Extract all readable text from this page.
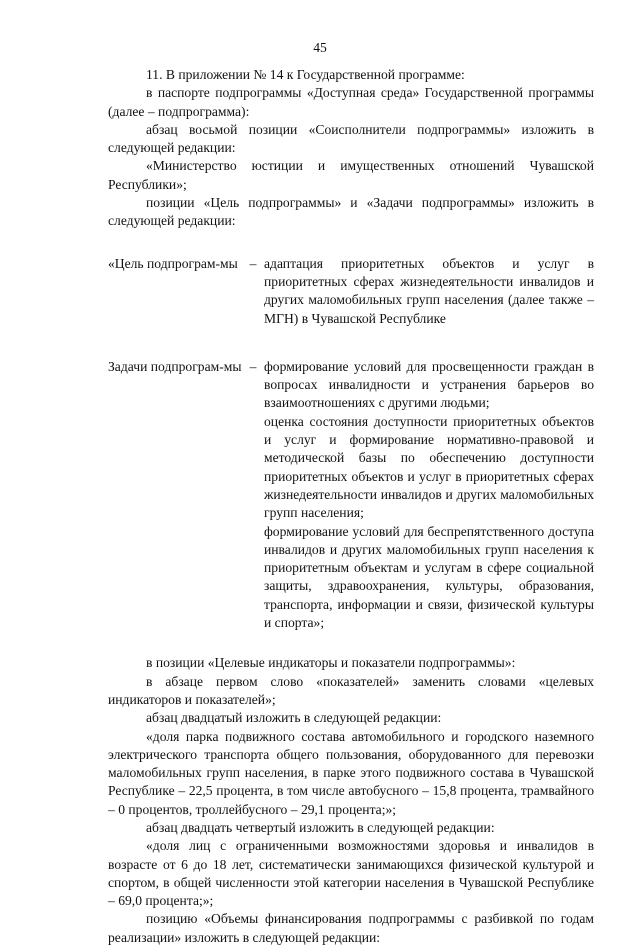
45

11. В приложении № 14 к Государственной программе:

в паспорте подпрограммы «Доступная среда» Государственной программы (далее – подпрограмма):

абзац восьмой позиции «Соисполнители подпрограммы» изложить в следующей редакции:

«Министерство юстиции и имущественных отношений Чувашской Республики»;

позиции «Цель подпрограммы» и «Задачи подпрограммы» изложить в следующей редакции:

«Цель подпрограм-мы – адаптация приоритетных объектов и услуг в приоритетных сферах жизнедеятельности инвалидов и других маломобильных групп населения (далее также – МГН) в Чувашской Республике

Задачи подпрограм-мы – формирование условий для просвещенности граждан в вопросах инвалидности и устранения барьеров во взаимоотношениях с другими людьми;

оценка состояния доступности приоритетных объектов и услуг и формирование нормативно-правовой и методической базы по обеспечению доступности приоритетных объектов и услуг в приоритетных сферах жизнедеятельности инвалидов и других маломобильных групп населения;

формирование условий для беспрепятственного доступа инвалидов и других маломобильных групп населения к приоритетным объектам и услугам в сфере социальной защиты, здравоохранения, культуры, образования, транспорта, информации и связи, физической культуры и спорта»;

в позиции «Целевые индикаторы и показатели подпрограммы»:

в абзаце первом слово «показателей» заменить словами «целевых индикаторов и показателей»;

абзац двадцатый изложить в следующей редакции:

«доля парка подвижного состава автомобильного и городского наземного электрического транспорта общего пользования, оборудованного для перевозки маломобильных групп населения, в парке этого подвижного состава в Чувашской Республике – 22,5 процента, в том числе автобусного – 15,8 процента, трамвайного – 0 процентов, троллейбусного – 29,1 процента;»;

абзац двадцать четвертый изложить в следующей редакции:

«доля лиц с ограниченными возможностями здоровья и инвалидов в возрасте от 6 до 18 лет, систематически занимающихся физической культурой и спортом, в общей численности этой категории населения в Чувашской Республике – 69,0 процента;»;

позицию «Объемы финансирования подпрограммы с разбивкой по годам реализации» изложить в следующей редакции:
